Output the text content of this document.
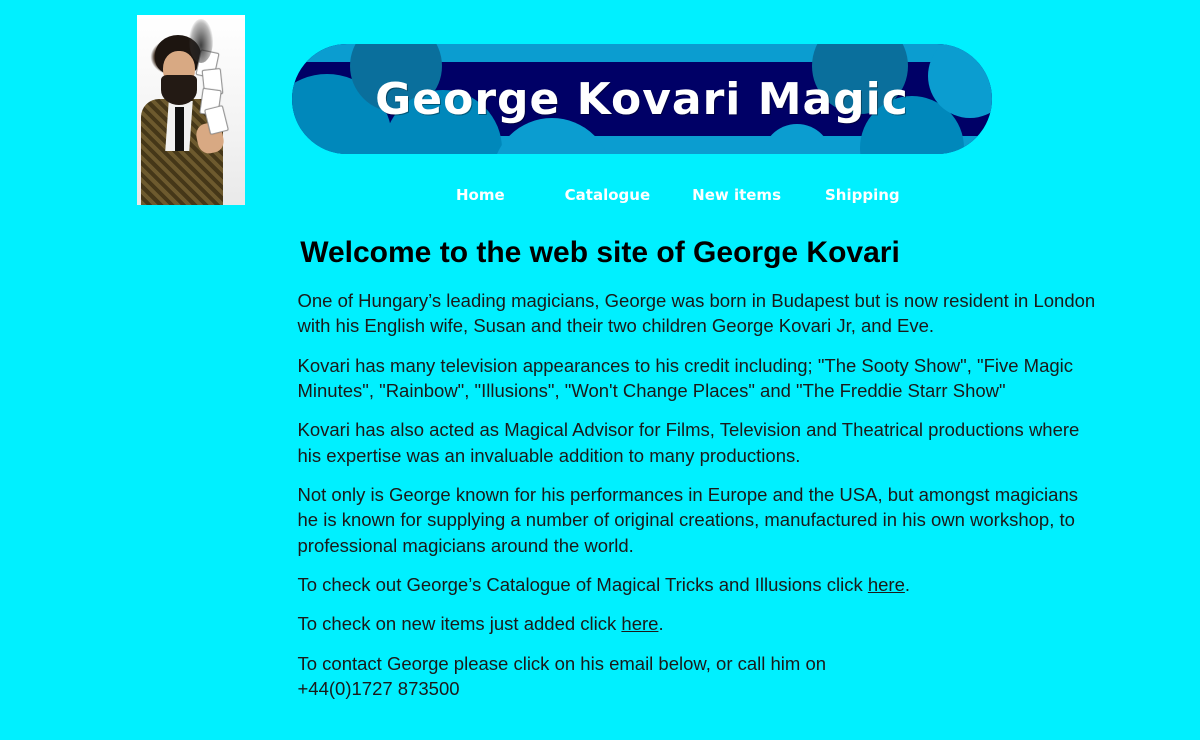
George Kovari Magic
Home	Catalogue	New items	Shipping
Welcome to the web site of George Kovari

One of Hungary’s leading magicians, George was born in Budapest but is now resident in London with his English wife, Susan and their two children George Kovari Jr, and Eve.

Kovari has many television appearances to his credit including; "The Sooty Show", "Five Magic Minutes", "Rainbow", "Illusions", "Won't Change Places" and "The Freddie Starr Show"

Kovari has also acted as Magical Advisor for Films, Television and Theatrical productions where his expertise was an invaluable addition to many productions.

Not only is George known for his performances in Europe and the USA, but amongst magicians he is known for supplying a number of original creations, manufactured in his own workshop, to professional magicians around the world.

To check out George’s Catalogue of Magical Tricks and Illusions click here.

To check on new items just added click here.

To contact George please click on his email below, or call him on
+44(0)1727 873500
